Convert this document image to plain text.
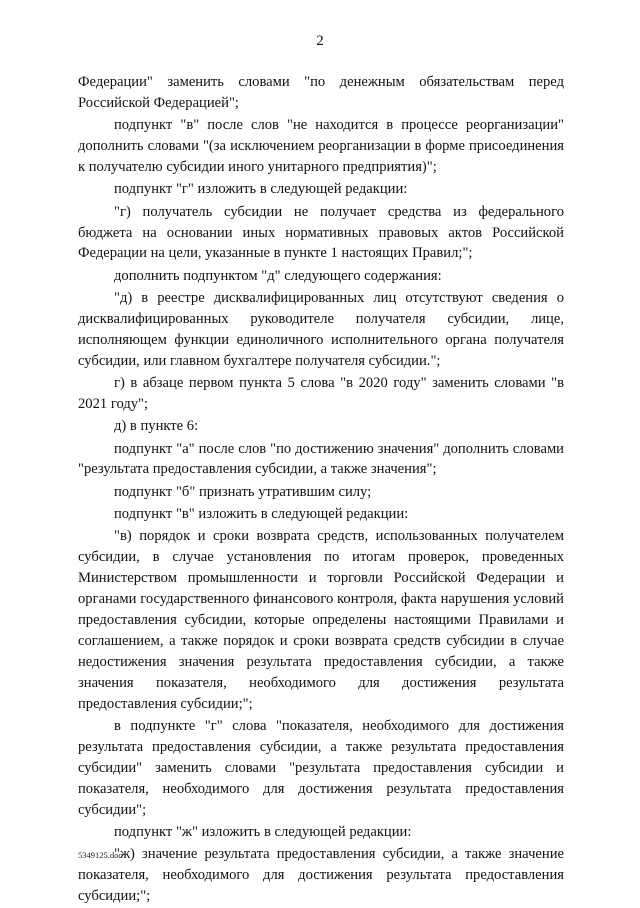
2

Федерации" заменить словами "по денежным обязательствам перед Российской Федерацией";

подпункт "в" после слов "не находится в процессе реорганизации" дополнить словами "(за исключением реорганизации в форме присоединения к получателю субсидии иного унитарного предприятия)";

подпункт "г" изложить в следующей редакции:

"г) получатель субсидии не получает средства из федерального бюджета на основании иных нормативных правовых актов Российской Федерации на цели, указанные в пункте 1 настоящих Правил;";

дополнить подпунктом "д" следующего содержания:

"д) в реестре дисквалифицированных лиц отсутствуют сведения о дисквалифицированных руководителе получателя субсидии, лице, исполняющем функции единоличного исполнительного органа получателя субсидии, или главном бухгалтере получателя субсидии.";

г) в абзаце первом пункта 5 слова "в 2020 году" заменить словами "в 2021 году";

д) в пункте 6:

подпункт "а" после слов "по достижению значения" дополнить словами "результата предоставления субсидии, а также значения";

подпункт "б" признать утратившим силу;

подпункт "в" изложить в следующей редакции:

"в) порядок и сроки возврата средств, использованных получателем субсидии, в случае установления по итогам проверок, проведенных Министерством промышленности и торговли Российской Федерации и органами государственного финансового контроля, факта нарушения условий предоставления субсидии, которые определены настоящими Правилами и соглашением, а также порядок и сроки возврата средств субсидии в случае недостижения значения результата предоставления субсидии, а также значения показателя, необходимого для достижения результата предоставления субсидии;";

в подпункте "г" слова "показателя, необходимого для достижения результата предоставления субсидии, а также результата предоставления субсидии" заменить словами "результата предоставления субсидии и показателя, необходимого для достижения результата предоставления субсидии";

подпункт "ж" изложить в следующей редакции:

"ж) значение результата предоставления субсидии, а также значение показателя, необходимого для достижения результата предоставления субсидии;";

5349125.doc
